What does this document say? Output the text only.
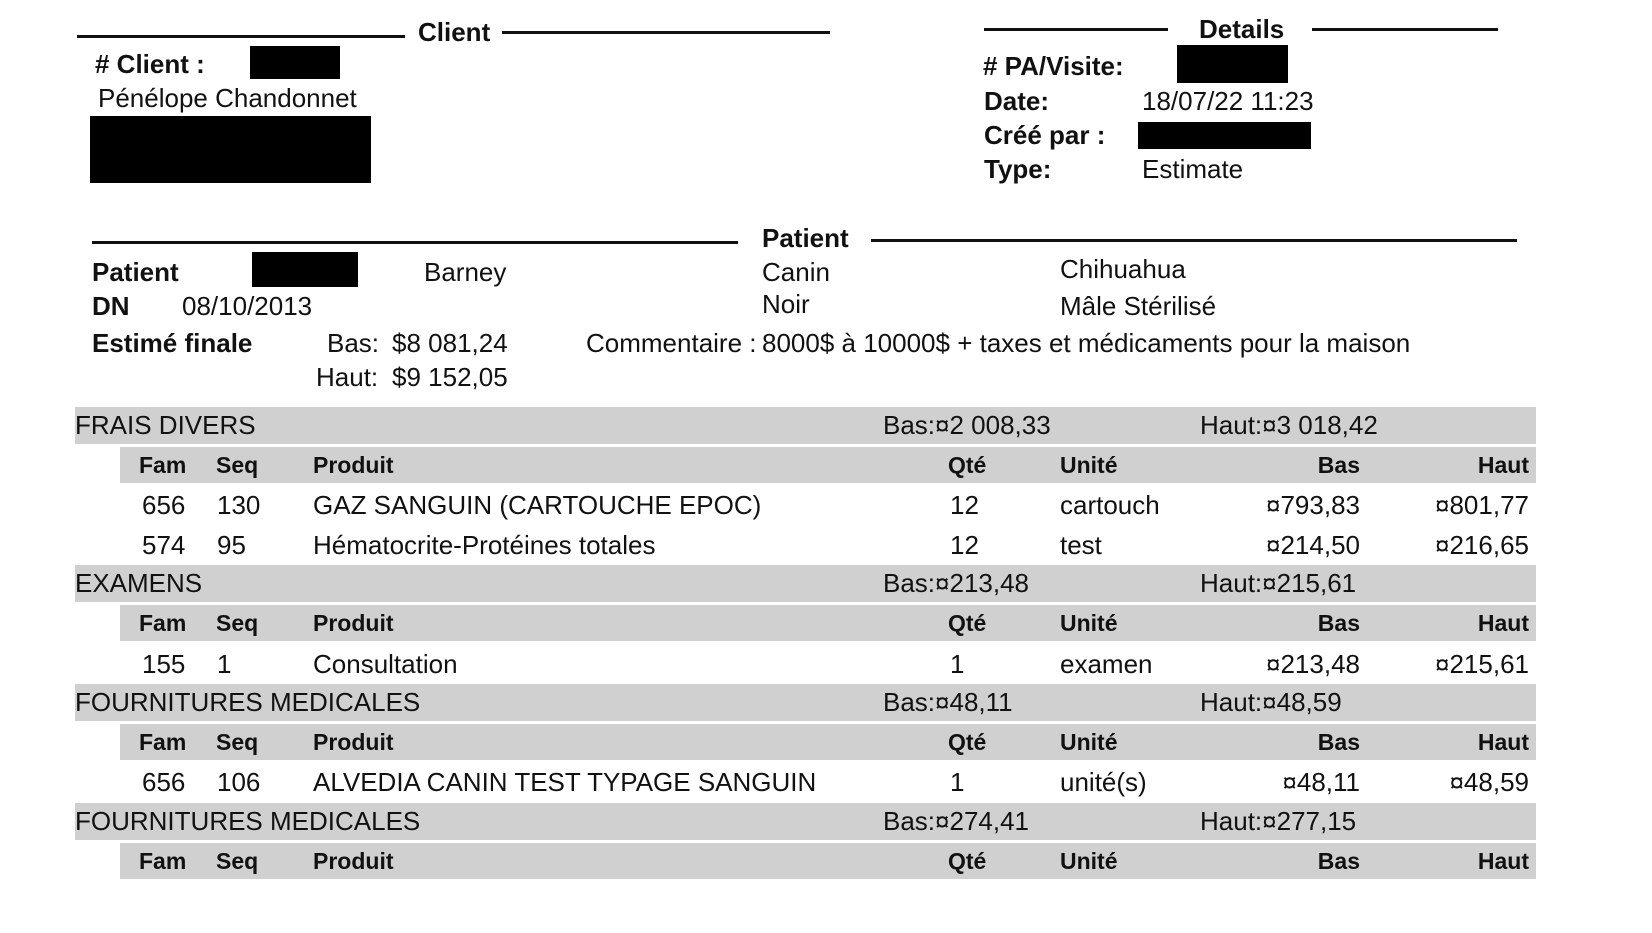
Client
# Client :
Pénélope Chandonnet
Details
# PA/Visite:
Date:	18/07/22 11:23
Créé par :
Type:	Estimate
Patient
Patient	Barney	Canin	Chihuahua
DN 08/10/2013	Noir	Mâle Stérilisé
Estimé finale	Bas: $8 081,24	Commentaire : 8000$ à 10000$ + taxes et médicaments pour la maison
Haut: $9 152,05
FRAIS DIVERS	Bas:¤2 008,33	Haut:¤3 018,42
Fam Seq Produit	Qté	Unité	Bas	Haut
656 130 GAZ SANGUIN (CARTOUCHE EPOC)	12	cartouch	¤793,83	¤801,77
574 95	Hématocrite-Protéines totales	12	test	¤214,50	¤216,65
EXAMENS	Bas:¤213,48	Haut:¤215,61
Fam Seq Produit	Qté	Unité	Bas	Haut
155 1	Consultation	1	examen	¤213,48	¤215,61
FOURNITURES MEDICALES	Bas:¤48,11	Haut:¤48,59
Fam Seq Produit	Qté	Unité	Bas	Haut
656 106 ALVEDIA CANIN TEST TYPAGE SANGUIN	1	unité(s)	¤48,11	¤48,59
FOURNITURES MEDICALES	Bas:¤274,41	Haut:¤277,15
Fam Seq Produit	Qté	Unité	Bas	Haut
